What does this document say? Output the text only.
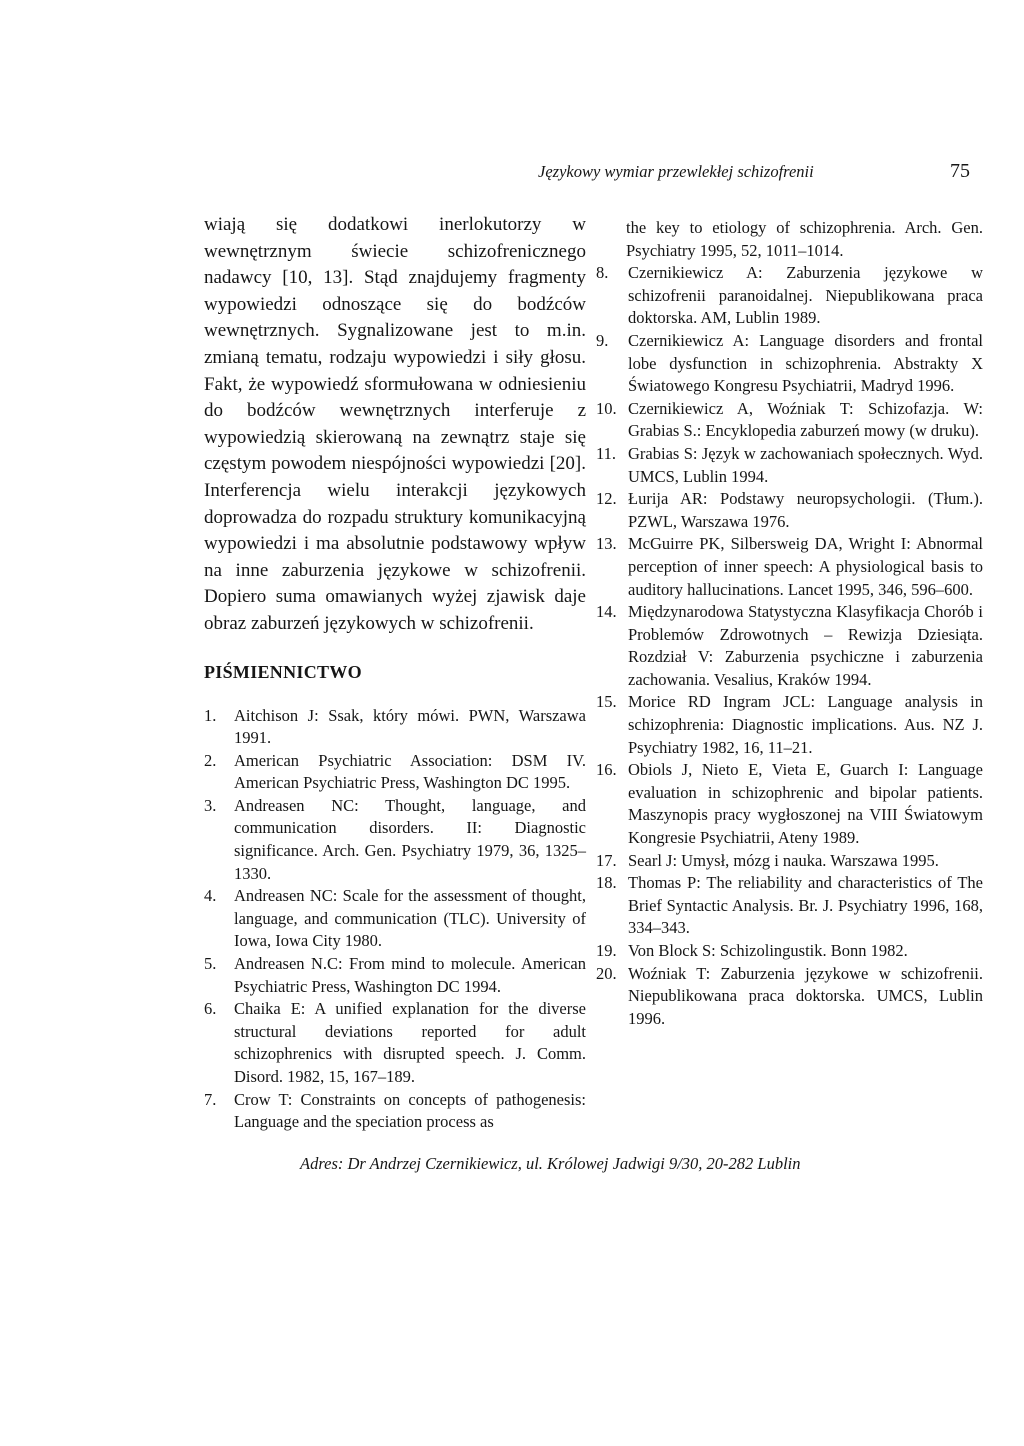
Językowy wymiar przewlekłej schizofrenii	75

wiają się dodatkowi inerlokutorzy w wewnętrznym świecie schizofrenicznego nadawcy [10, 13]. Stąd znajdujemy fragmenty wypowiedzi odnoszące się do bodźców wewnętrznych. Sygnalizowane jest to m.in. zmianą tematu, rodzaju wypowiedzi i siły głosu. Fakt, że wypowiedź sformułowana w odniesieniu do bodźców wewnętrznych interferuje z wypowiedzią skierowaną na zewnątrz staje się częstym powodem niespójności wypowiedzi [20]. Interferencja wielu interakcji językowych doprowadza do rozpadu struktury komunikacyjną wypowiedzi i ma absolutnie podstawowy wpływ na inne zaburzenia językowe w schizofrenii. Dopiero suma omawianych wyżej zjawisk daje obraz zaburzeń językowych w schizofrenii.

PIŚMIENNICTWO
1. Aitchison J: Ssak, który mówi. PWN, Warszawa 1991.
2. American Psychiatric Association: DSM IV. American Psychiatric Press, Washington DC 1995.
3. Andreasen NC: Thought, language, and communication disorders. II: Diagnostic significance. Arch. Gen. Psychiatry 1979, 36, 1325–1330.
4. Andreasen NC: Scale for the assessment of thought, language, and communication (TLC). University of Iowa, Iowa City 1980.
5. Andreasen N.C: From mind to molecule. American Psychiatric Press, Washington DC 1994.
6. Chaika E: A unified explanation for the diverse structural deviations reported for adult schizophrenics with disrupted speech. J. Comm. Disord. 1982, 15, 167–189.
7. Crow T: Constraints on concepts of pathogenesis: Language and the speciation process as
the key to etiology of schizophrenia. Arch. Gen. Psychiatry 1995, 52, 1011–1014.
8. Czernikiewicz A: Zaburzenia językowe w schizofrenii paranoidalnej. Niepublikowana praca doktorska. AM, Lublin 1989.
9. Czernikiewicz A: Language disorders and frontal lobe dysfunction in schizophrenia. Abstrakty X Światowego Kongresu Psychiatrii, Madryd 1996.
10. Czernikiewicz A, Woźniak T: Schizofazja. W: Grabias S.: Encyklopedia zaburzeń mowy (w druku).
11. Grabias S: Język w zachowaniach społecznych. Wyd. UMCS, Lublin 1994.
12. Łurija AR: Podstawy neuropsychologii. (Tłum.). PZWL, Warszawa 1976.
13. McGuirre PK, Silbersweig DA, Wright I: Abnormal perception of inner speech: A physiological basis to auditory hallucinations. Lancet 1995, 346, 596–600.
14. Międzynarodowa Statystyczna Klasyfikacja Chorób i Problemów Zdrowotnych – Rewizja Dziesiąta. Rozdział V: Zaburzenia psychiczne i zaburzenia zachowania. Vesalius, Kraków 1994.
15. Morice RD Ingram JCL: Language analysis in schizophrenia: Diagnostic implications. Aus. NZ J. Psychiatry 1982, 16, 11–21.
16. Obiols J, Nieto E, Vieta E, Guarch I: Language evaluation in schizophrenic and bipolar patients. Maszynopis pracy wygłoszonej na VIII Światowym Kongresie Psychiatrii, Ateny 1989.
17. Searl J: Umysł, mózg i nauka. Warszawa 1995.
18. Thomas P: The reliability and characteristics of The Brief Syntactic Analysis. Br. J. Psychiatry 1996, 168, 334–343.
19. Von Block S: Schizolingustik. Bonn 1982.
20. Woźniak T: Zaburzenia językowe w schizofrenii. Niepublikowana praca doktorska. UMCS, Lublin 1996.
Adres: Dr Andrzej Czernikiewicz, ul. Królowej Jadwigi 9/30, 20-282 Lublin
